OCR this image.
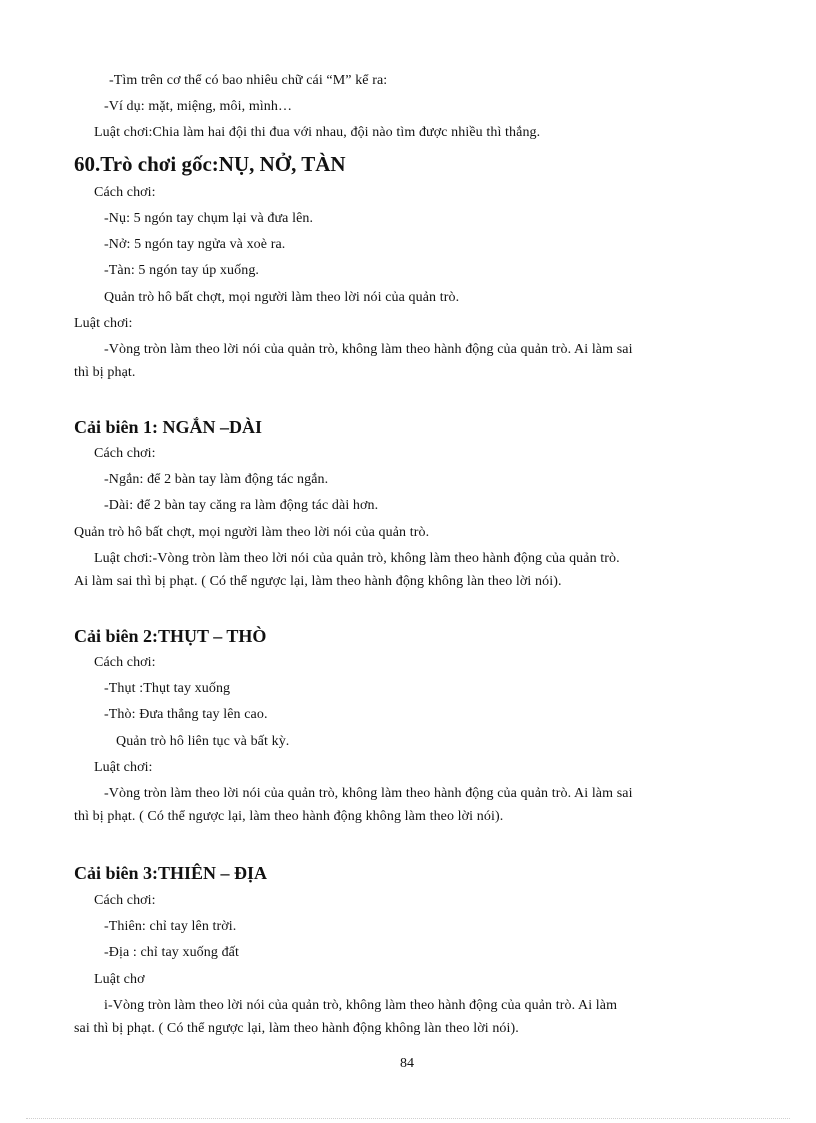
-Tìm trên cơ thể có bao nhiêu chữ cái “M” kể ra:
-Ví dụ: mặt, miệng, môi, mình…
Luật chơi:Chia làm hai đội thi đua với nhau, đội nào tìm được nhiều thì thắng.
60.Trò chơi gốc:NỤ, NỞ, TÀN
Cách chơi:
-Nụ: 5 ngón tay chụm lại và đưa lên.
-Nở: 5 ngón tay ngửa và xoè ra.
-Tàn: 5 ngón tay úp xuống.
Quản trò hô bất chợt, mọi người làm theo lời nói của quản trò.
Luật chơi:
-Vòng tròn làm theo lời nói của quản trò, không làm theo hành động của quản trò. Ai làm sai
thì bị phạt.
Cải biên 1: NGẮN –DÀI
Cách chơi:
-Ngắn: để 2 bàn tay làm động tác ngắn.
-Dài: để 2 bàn tay căng ra làm động tác dài hơn.
Quản trò hô bất chợt, mọi người làm theo lời nói của quản trò.
Luật chơi:-Vòng tròn làm theo lời nói của quản trò, không làm theo hành động của quản trò.
Ai làm sai thì bị phạt. ( Có thể ngược lại, làm theo hành động không làn theo lời nói).
Cải biên 2:THỤT – THÒ
Cách chơi:
-Thụt :Thụt tay xuống
-Thò: Đưa thẳng tay lên cao.
Quản trò hô liên tục và bất kỳ.
Luật chơi:
-Vòng tròn làm theo lời nói của quản trò, không làm theo hành động của quản trò. Ai làm sai
thì bị phạt. ( Có thể ngược lại, làm theo hành động không làm theo lời nói).
Cải biên 3:THIÊN – ĐỊA
Cách chơi:
-Thiên: chỉ tay lên trời.
-Địa : chỉ tay xuống đất
Luật chơ
i-Vòng tròn làm theo lời nói của quản trò, không làm theo hành động của quản trò. Ai làm
sai thì bị phạt. ( Có thể ngược lại, làm theo hành động không làn theo lời nói).
84
